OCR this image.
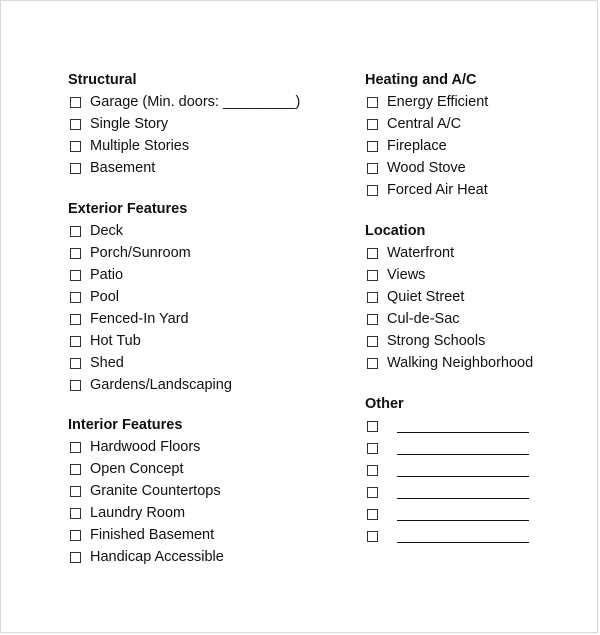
Structural
Garage (Min. doors: _________)
Single Story
Multiple Stories
Basement
Exterior Features
Deck
Porch/Sunroom
Patio
Pool
Fenced-In Yard
Hot Tub
Shed
Gardens/Landscaping
Interior Features
Hardwood Floors
Open Concept
Granite Countertops
Laundry Room
Finished Basement
Handicap Accessible
Heating and A/C
Energy Efficient
Central A/C
Fireplace
Wood Stove
Forced Air Heat
Location
Waterfront
Views
Quiet Street
Cul-de-Sac
Strong Schools
Walking Neighborhood
Other
